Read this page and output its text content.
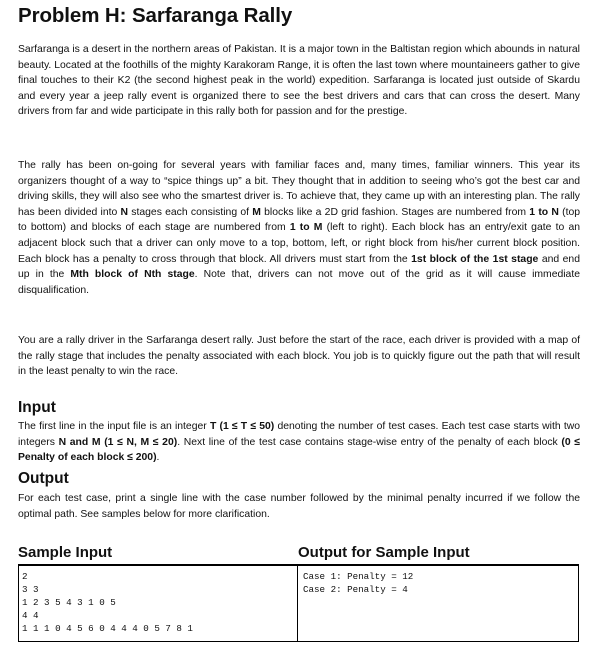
Problem H: Sarfaranga Rally

Sarfaranga is a desert in the northern areas of Pakistan. It is a major town in the Baltistan region which abounds in natural beauty. Located at the foothills of the mighty Karakoram Range, it is often the last town where mountaineers gather to give final touches to their K2 (the second highest peak in the world) expedition. Sarfaranga is located just outside of Skardu and every year a jeep rally event is organized there to see the best drivers and cars that can cross the desert. Many drivers from far and wide participate in this rally both for passion and for the prestige.

The rally has been on-going for several years with familiar faces and, many times, familiar winners. This year its organizers thought of a way to “spice things up” a bit. They thought that in addition to seeing who’s got the best car and driving skills, they will also see who the smartest driver is. To achieve that, they came up with an interesting plan. The rally has been divided into N stages each consisting of M blocks like a 2D grid fashion. Stages are numbered from 1 to N (top to bottom) and blocks of each stage are numbered from 1 to M (left to right). Each block has an entry/exit gate to an adjacent block such that a driver can only move to a top, bottom, left, or right block from his/her current block position. Each block has a penalty to cross through that block. All drivers must start from the 1st block of the 1st stage and end up in the Mth block of Nth stage. Note that, drivers can not move out of the grid as it will cause immediate disqualification.

You are a rally driver in the Sarfaranga desert rally. Just before the start of the race, each driver is provided with a map of the rally stage that includes the penalty associated with each block. You job is to quickly figure out the path that will result in the least penalty to win the race.

Input

The first line in the input file is an integer T (1 ≤ T ≤ 50) denoting the number of test cases. Each test case starts with two integers N and M (1 ≤ N, M ≤ 20). Next line of the test case contains stage-wise entry of the penalty of each block (0 ≤ Penalty of each block ≤ 200).

Output

For each test case, print a single line with the case number followed by the minimal penalty incurred if we follow the optimal path. See samples below for more clarification.

Sample Input	Output for Sample Input
2
3 3
1 2 3 5 4 3 1 0 5
4 4
1 1 1 0 4 5 6 0 4 4 4 0 5 7 8 1
Case 1: Penalty = 12
Case 2: Penalty = 4
